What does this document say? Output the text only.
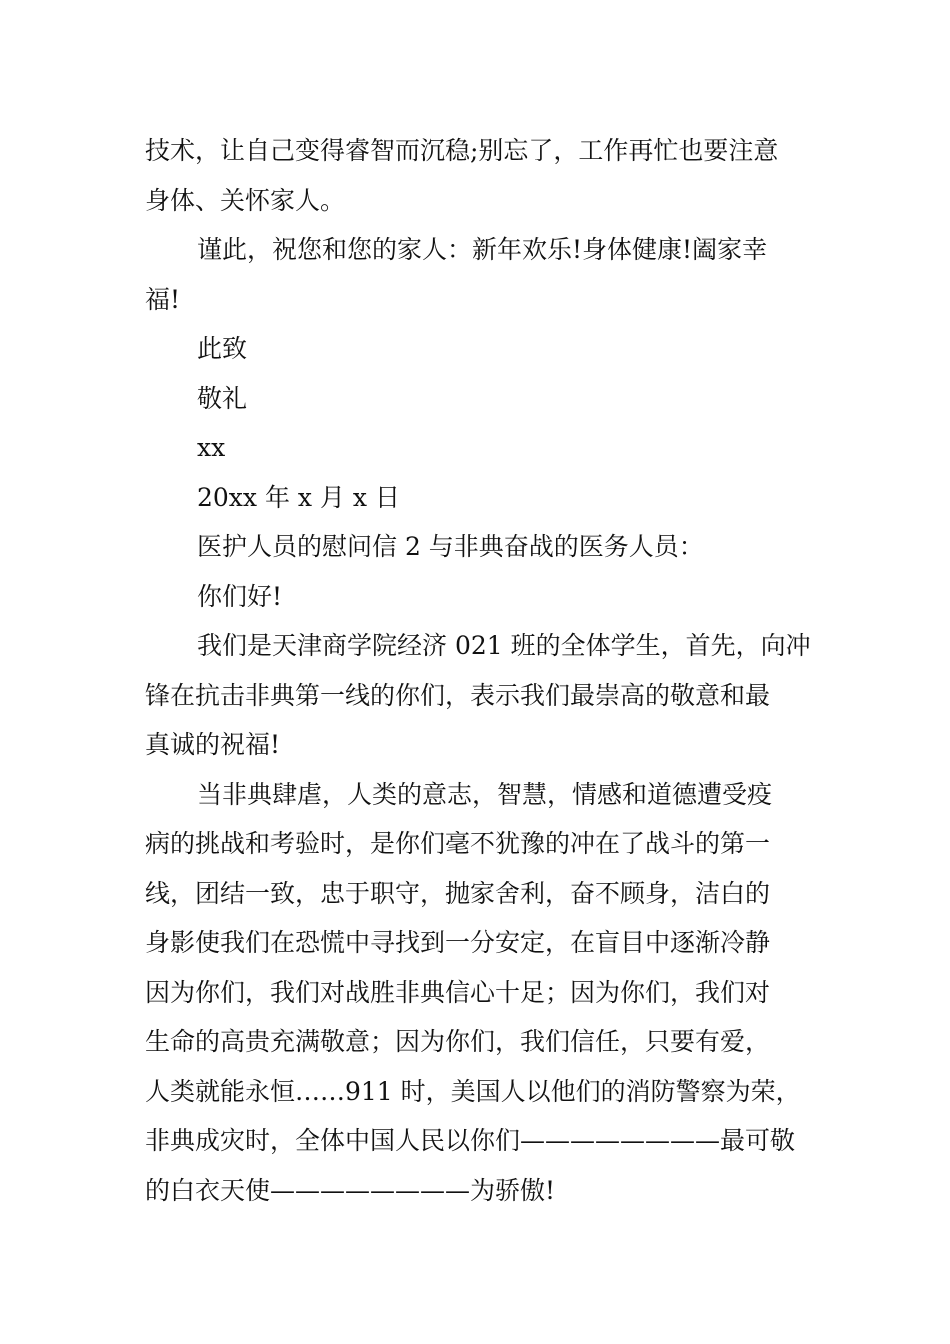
技术，让自己变得睿智而沉稳;别忘了，工作再忙也要注意
身体、关怀家人。
谨此，祝您和您的家人：新年欢乐!身体健康!阖家幸
福!
此致
敬礼
xx
20xx 年 x 月 x 日
医护人员的慰问信 2 与非典奋战的医务人员：
你们好!
我们是天津商学院经济 021 班的全体学生，首先，向冲
锋在抗击非典第一线的你们，表示我们最崇高的敬意和最
真诚的祝福!
当非典肆虐，人类的意志，智慧，情感和道德遭受疫
病的挑战和考验时，是你们毫不犹豫的冲在了战斗的第一
线，团结一致，忠于职守，抛家舍利，奋不顾身，洁白的
身影使我们在恐慌中寻找到一分安定，在盲目中逐渐冷静
因为你们，我们对战胜非典信心十足；因为你们，我们对
生命的高贵充满敬意；因为你们，我们信任，只要有爱，
人类就能永恒……911 时，美国人以他们的消防警察为荣，
非典成灾时，全体中国人民以你们————————最可敬
的白衣天使————————为骄傲!
